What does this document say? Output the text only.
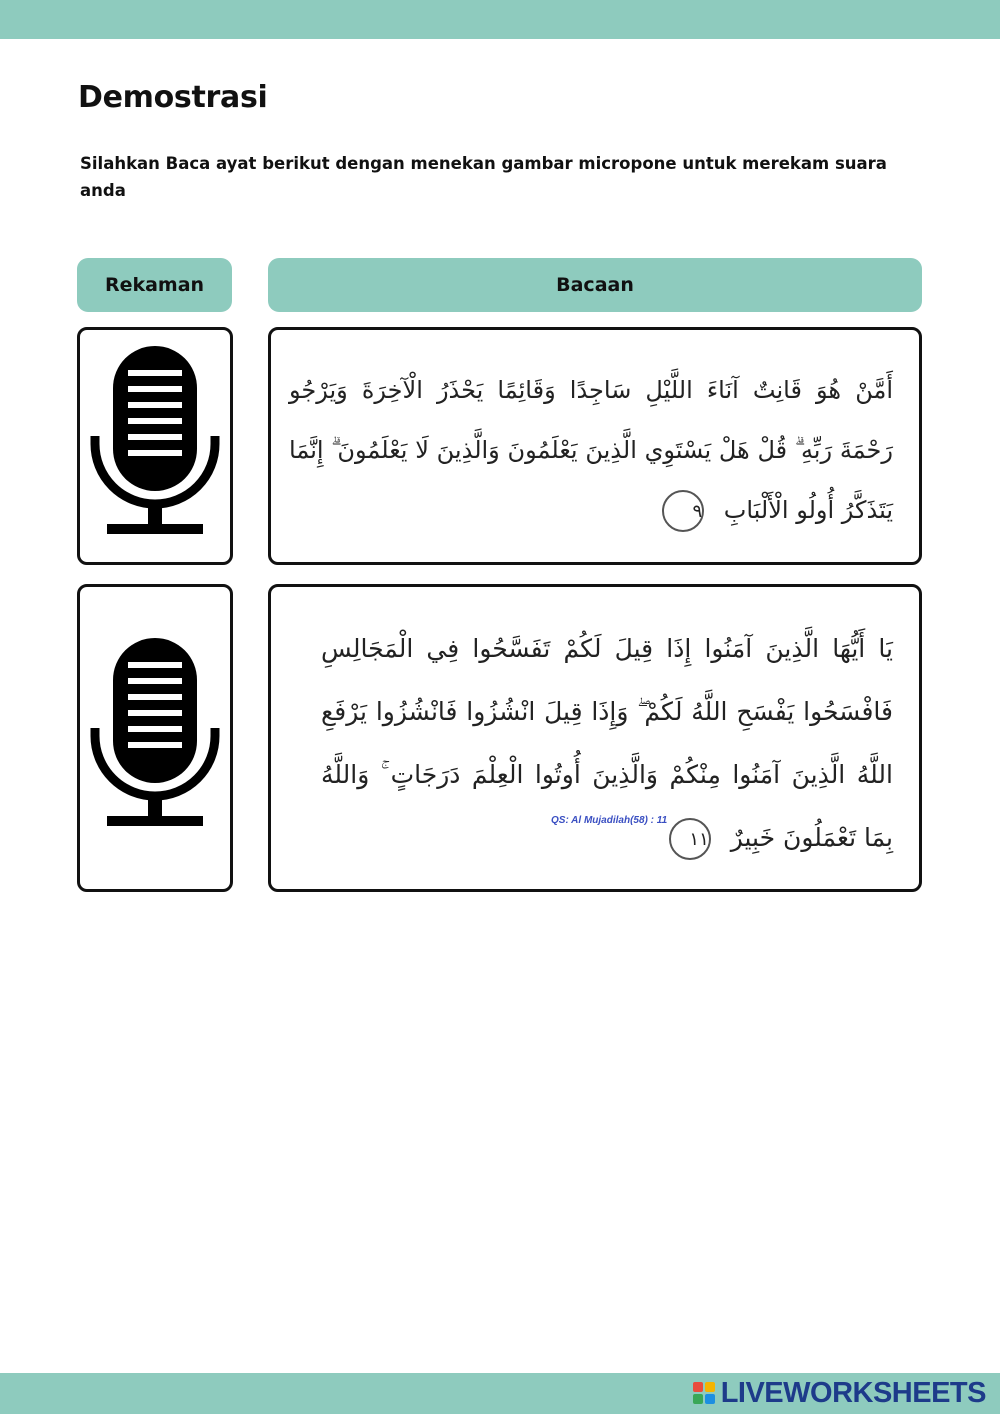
Demostrasi

Silahkan Baca ayat berikut dengan menekan gambar micropone untuk merekam suara anda

Rekaman	Bacaan
أَمَّنْ هُوَ قَانِتٌ آنَاءَ اللَّيْلِ سَاجِدًا وَقَائِمًا يَحْذَرُ الْآخِرَةَ وَيَرْجُو رَحْمَةَ رَبِّهِ ۗ قُلْ هَلْ يَسْتَوِي الَّذِينَ يَعْلَمُونَ وَالَّذِينَ لَا يَعْلَمُونَ ۗ إِنَّمَا يَتَذَكَّرُ أُولُو الْأَلْبَابِ ٩
يَا أَيُّهَا الَّذِينَ آمَنُوا إِذَا قِيلَ لَكُمْ تَفَسَّحُوا فِي الْمَجَالِسِ فَافْسَحُوا يَفْسَحِ اللَّهُ لَكُمْ ۖ وَإِذَا قِيلَ انْشُزُوا فَانْشُزُوا يَرْفَعِ اللَّهُ الَّذِينَ آمَنُوا مِنْكُمْ وَالَّذِينَ أُوتُوا الْعِلْمَ دَرَجَاتٍ ۚ وَاللَّهُ بِمَا تَعْمَلُونَ خَبِيرٌ ١١
QS: Al Mujadilah(58) : 11
LIVEWORKSHEETS
